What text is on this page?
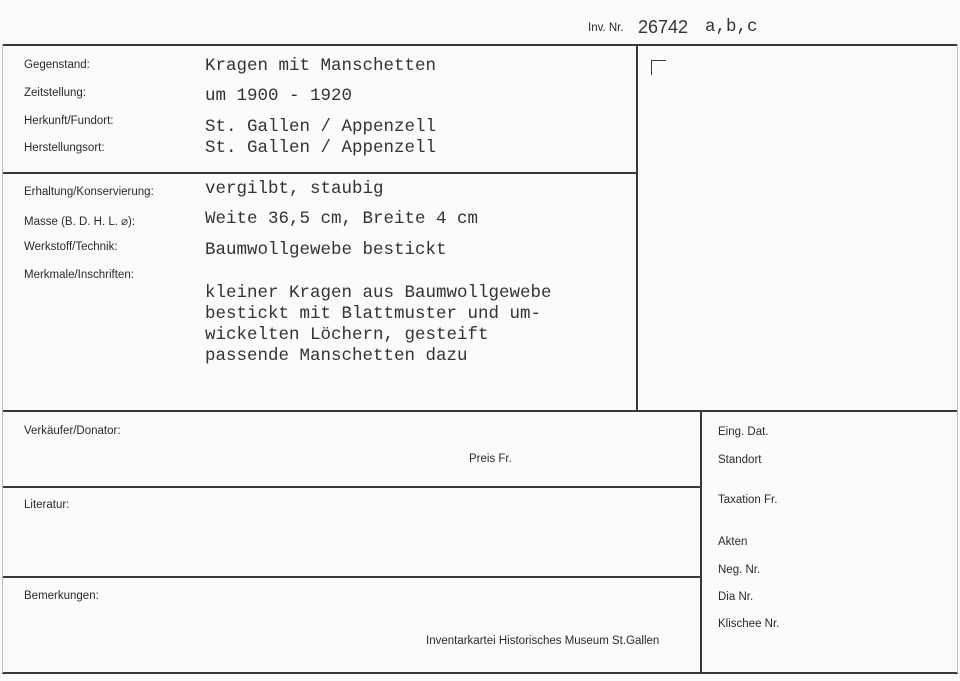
Inv. Nr. 26742 a,b,c
Gegenstand:
Zeitstellung:
Herkunft/Fundort:
Herstellungsort:
Kragen mit Manschetten
um 1900 - 1920
St. Gallen / Appenzell
St. Gallen / Appenzell
Erhaltung/Konservierung:
Masse (B. D. H. L. ⌀):
Werkstoff/Technik:
Merkmale/Inschriften:
vergilbt, staubig
Weite 36,5 cm, Breite 4 cm
Baumwollgewebe bestickt
kleiner Kragen aus Baumwollgewebe
bestickt mit Blattmuster und um-
wickelten Löchern, gesteift
passende Manschetten dazu
Verkäufer/Donator:
Preis Fr.
Literatur:
Bemerkungen:
Inventarkartei Historisches Museum St.Gallen
Eing. Dat.
Standort
Taxation Fr.
Akten
Neg. Nr.
Dia Nr.
Klischee Nr.
